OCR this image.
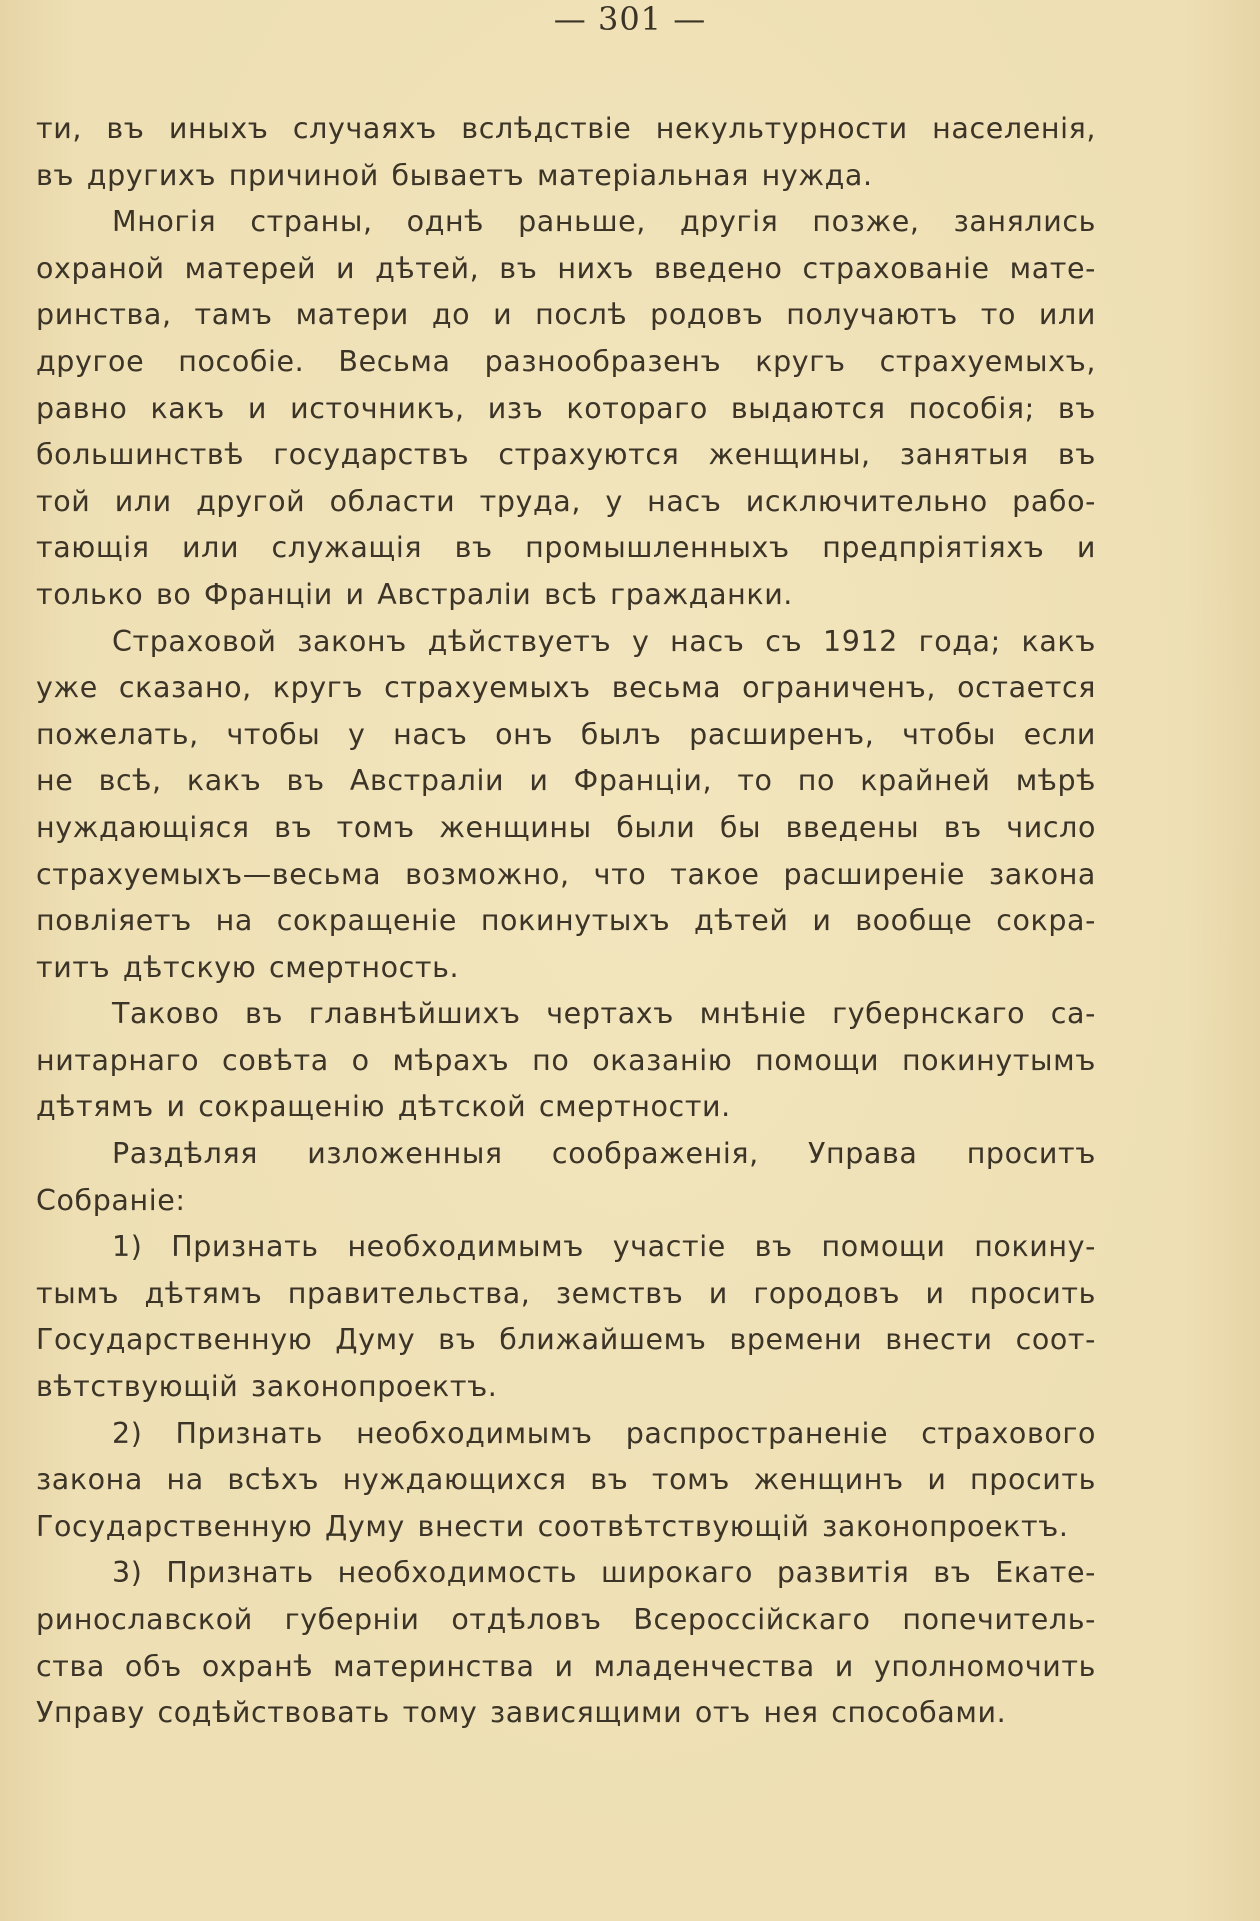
— 301 —
ти, въ иныхъ случаяхъ вслѣдствіе некультурности населенія,
въ другихъ причиной бываетъ матеріальная нужда.
Многія страны, однѣ раньше, другія позже, занялись
охраной матерей и дѣтей, въ нихъ введено страхованіе мате-
ринства, тамъ матери до и послѣ родовъ получаютъ то или
другое пособіе. Весьма разнообразенъ кругъ страхуемыхъ,
равно какъ и источникъ, изъ котораго выдаются пособія; въ
большинствѣ государствъ страхуются женщины, занятыя въ
той или другой области труда, у насъ исключительно рабо-
тающія или служащія въ промышленныхъ предпріятіяхъ и
только во Франціи и Австраліи всѣ гражданки.
Страховой законъ дѣйствуетъ у насъ съ 1912 года; какъ
уже сказано, кругъ страхуемыхъ весьма ограниченъ, остается
пожелать, чтобы у насъ онъ былъ расширенъ, чтобы если
не всѣ, какъ въ Австраліи и Франціи, то по крайней мѣрѣ
нуждающіяся въ томъ женщины были бы введены въ число
страхуемыхъ—весьма возможно, что такое расширеніе закона
повліяетъ на сокращеніе покинутыхъ дѣтей и вообще сокра-
титъ дѣтскую смертность.
Таково въ главнѣйшихъ чертахъ мнѣніе губернскаго са-
нитарнаго совѣта о мѣрахъ по оказанію помощи покинутымъ
дѣтямъ и сокращенію дѣтской смертности.
Раздѣляя изложенныя соображенія, Управа проситъ
Собраніе:
1) Признать необходимымъ участіе въ помощи покину-
тымъ дѣтямъ правительства, земствъ и городовъ и просить
Государственную Думу въ ближайшемъ времени внести соот-
вѣтствующій законопроектъ.
2) Признать необходимымъ распространеніе страхового
закона на всѣхъ нуждающихся въ томъ женщинъ и просить
Государственную Думу внести соотвѣтствующій законопроектъ.
3) Признать необходимость широкаго развитія въ Екате-
ринославской губерніи отдѣловъ Всероссійскаго попечитель-
ства объ охранѣ материнства и младенчества и уполномочить
Управу содѣйствовать тому зависящими отъ нея способами.
